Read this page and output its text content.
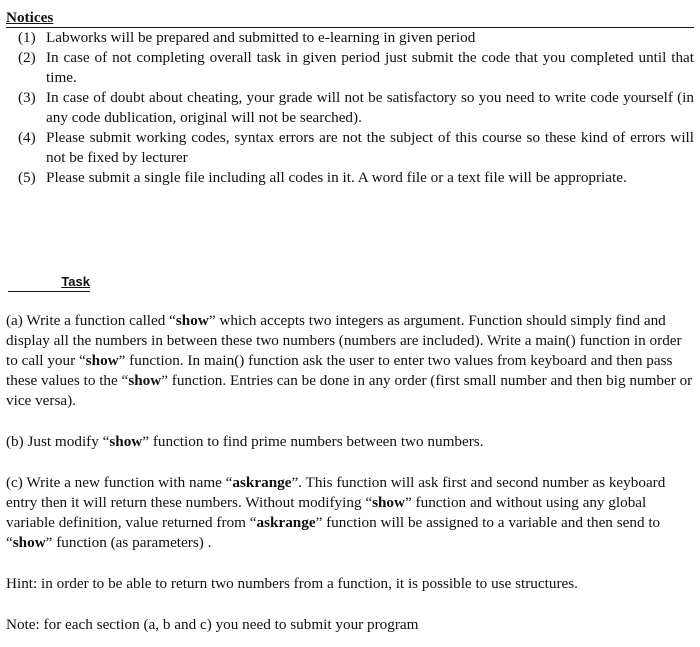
Notices
(1) Labworks will be prepared and submitted to e-learning in given period
(2) In case of not completing overall task in given period just submit the code that you completed until that time.
(3) In case of doubt about cheating, your grade will not be satisfactory so you need to write code yourself (in any code dublication, original will not be searched).
(4) Please submit working codes, syntax errors are not the subject of this course so these kind of errors will not be fixed by lecturer
(5) Please submit a single file including all codes in it. A word file or a text file will be appropriate.
Task

(a) Write a function called “show” which accepts two integers as argument. Function should simply find and display all the numbers in between these two numbers (numbers are included). Write a main() function in order to call your “show” function. In main() function ask the user to enter two values from keyboard and then pass these values to the “show” function. Entries can be done in any order (first small number and then big number or vice versa).

(b) Just modify “show” function to find prime numbers between two numbers.

(c) Write a new function with name “askrange”. This function will ask first and second number as keyboard entry then it will return these numbers. Without modifying “show” function and without using any global variable definition, value returned from “askrange” function will be assigned to a variable and then send to “show” function (as parameters) .

Hint: in order to be able to return two numbers from a function, it is possible to use structures.

Note: for each section (a, b and c) you need to submit your program
